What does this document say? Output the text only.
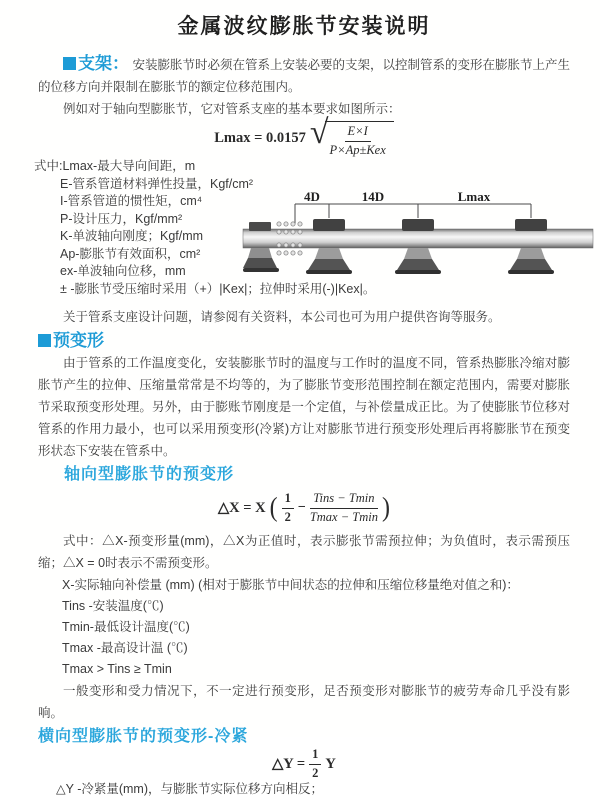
金属波纹膨胀节安装说明

支架： 安装膨胀节时必须在管系上安装必要的支架，以控制管系的变形在膨胀节上产生的位移方向并限制在膨胀节的额定位移范围内。

例如对于轴向型膨胀节，它对管系支座的基本要求如图所示：

Lmax = 0.0157 √ $\frac{E\times I}{\text{P×Ap±Kex}}$
式中:Lmax-最大导向间距，m
E-管系管道材料弹性投量，Kgf/cm²
I-管系管道的惯性矩，cm⁴
P-设计压力，Kgf/mm²
K-单波轴向刚度；Kgf/mm
Ap-膨胀节有效面积，cm²
ex-单波轴向位移，mm
± -膨胀节受压缩时采用（+）|Kex|；拉伸时采用(-)|Kex|。
4D	14D	Lmax

关于管系支座设计问题，请参阅有关资料，本公司也可为用户提供咨询等服务。

预变形

由于管系的工作温度变化，安装膨胀节时的温度与工作时的温度不同，管系热膨胀冷缩对膨胀节产生的拉伸、压缩量常常是不均等的，为了膨胀节变形范围控制在额定范围内，需要对膨胀节采取预变形处理。另外，由于膨账节刚度是一个定值，与补偿量成正比。为了使膨胀节位移对管系的作用力最小，也可以采用预变形(冷紧)方让对膨胀节进行预变形处理后再将膨胀节在预变形状态下安装在管系中。

轴向型膨胀节的预变形
△X = X ( $\frac{1}{2} - \frac{\text{Tins − Tmin}}{Tmax - Tmin}$ )

式中：△X-预变形量(mm)，△X为正值时，表示膨张节需预拉伸；为负值时，表示需预压缩；△X = 0时表示不需预变形。

X-实际轴向补偿量 (mm) (相对于膨胀节中间状态的拉伸和压缩位移量绝对值之和)：

Tins -安装温度(℃)
Tmin-最低设计温度(℃)
Tmax -最高设计温 (℃)
Tmax > Tins ≥ Tmin

一般变形和受力情况下，不一定进行预变形，足否预变形对膨胀节的疲劳寿命几乎没有影响。

横向型膨胀节的预变形-冷紧
△Y = $\frac{1}{2}$ Y

△Y -冷紧量(mm)，与膨胀节实际位移方向相反；
